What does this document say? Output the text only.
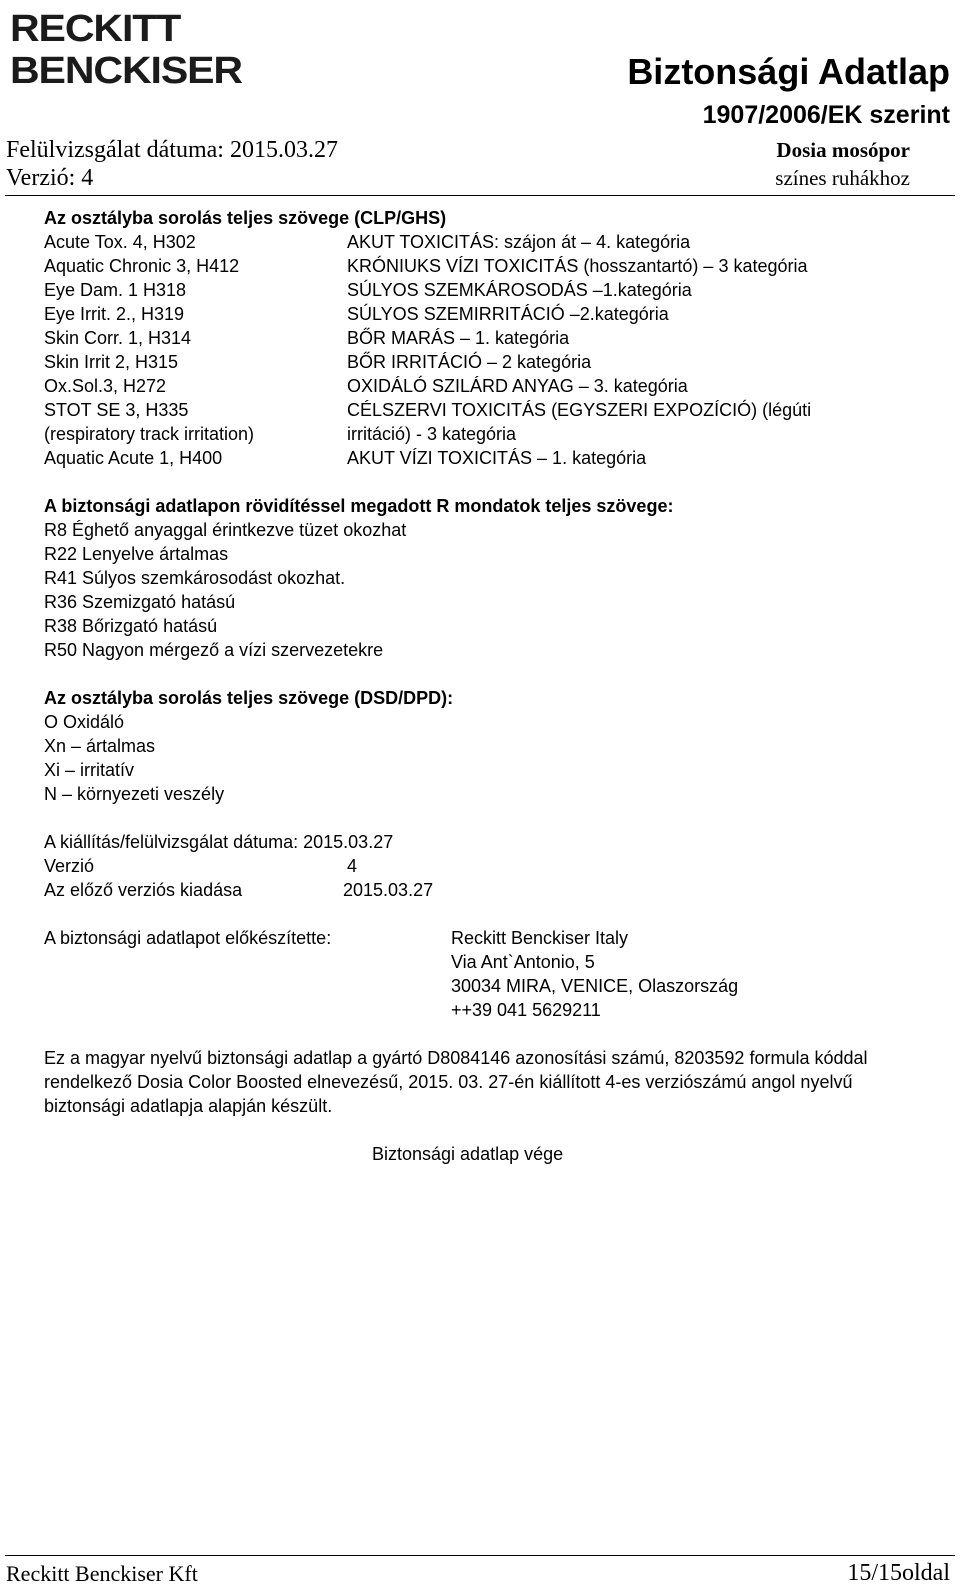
RECKITT
BENCKISER	Biztonsági Adatlap
1907/2006/EK szerint
Felülvizsgálat dátuma: 2015.03.27	Dosia mosópor
Verzió: 4	színes ruhákhoz
Az osztályba sorolás teljes szövege (CLP/GHS)
Acute Tox. 4, H302	AKUT TOXICITÁS: szájon át – 4. kategória
Aquatic Chronic 3, H412	KRÓNIUKS VÍZI TOXICITÁS (hosszantartó) – 3 kategória
Eye Dam. 1 H318	SÚLYOS SZEMKÁROSODÁS –1.kategória
Eye Irrit. 2., H319	SÚLYOS SZEMIRRITÁCIÓ –2.kategória
Skin Corr. 1, H314	BŐR MARÁS – 1. kategória
Skin Irrit 2, H315	BŐR IRRITÁCIÓ – 2 kategória
Ox.Sol.3, H272	OXIDÁLÓ SZILÁRD ANYAG – 3. kategória
STOT SE 3, H335	CÉLSZERVI TOXICITÁS (EGYSZERI EXPOZÍCIÓ) (légúti
(respiratory track irritation)	irritáció) - 3 kategória
Aquatic Acute 1, H400	AKUT VÍZI TOXICITÁS – 1. kategória
A biztonsági adatlapon rövidítéssel megadott R mondatok teljes szövege:
R8 Éghető anyaggal érintkezve tüzet okozhat
R22 Lenyelve ártalmas
R41 Súlyos szemkárosodást okozhat.
R36 Szemizgató hatású
R38 Bőrizgató hatású
R50 Nagyon mérgező a vízi szervezetekre
Az osztályba sorolás teljes szövege (DSD/DPD):
O Oxidáló
Xn – ártalmas
Xi – irritatív
N – környezeti veszély
A kiállítás/felülvizsgálat dátuma: 2015.03.27
Verzió	4
Az előző verziós kiadása	2015.03.27
A biztonsági adatlapot előkészítette:	Reckitt Benckiser Italy
Via Ant`Antonio, 5
30034 MIRA, VENICE, Olaszország
++39 041 5629211
Ez a magyar nyelvű biztonsági adatlap a gyártó D8084146 azonosítási számú, 8203592 formula kóddal rendelkező Dosia Color Boosted elnevezésű, 2015. 03. 27-én kiállított 4-es verziószámú angol nyelvű biztonsági adatlapja alapján készült.
Biztonsági adatlap vége
Reckitt Benckiser Kft	15/15oldal
